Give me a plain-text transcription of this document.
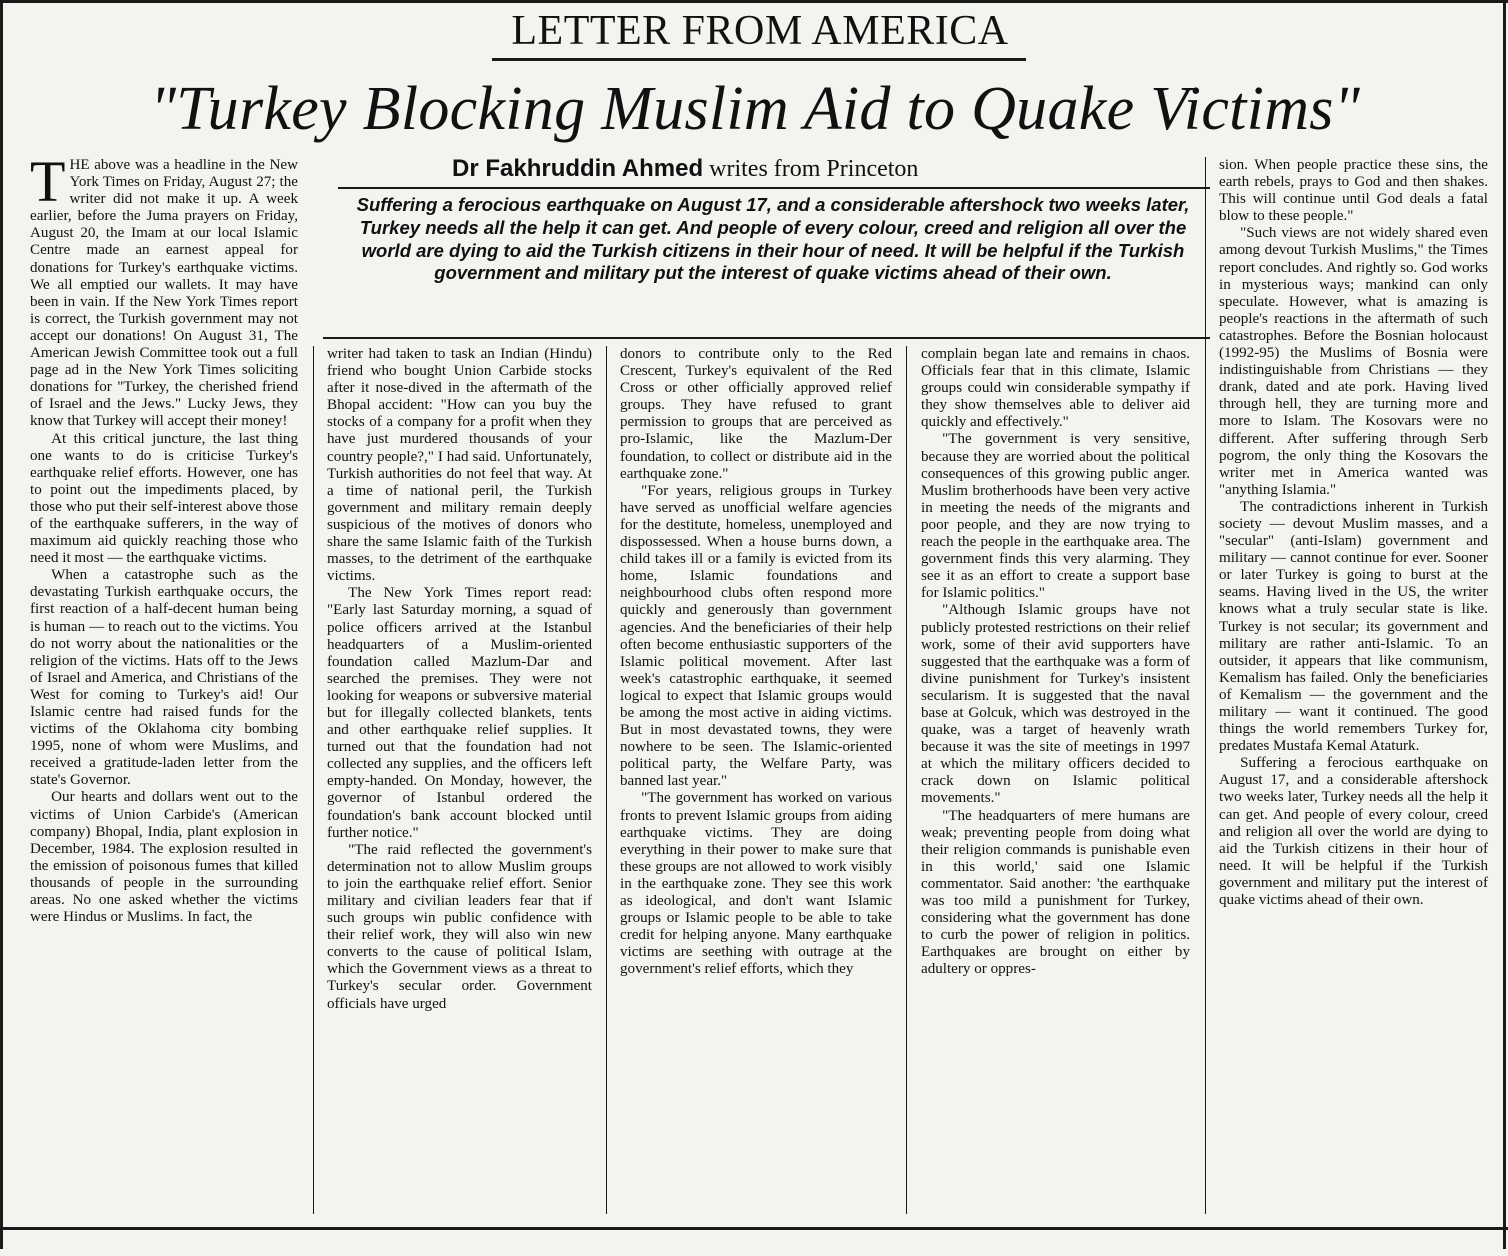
LETTER FROM AMERICA
"Turkey Blocking Muslim Aid to Quake Victims"
Dr Fakhruddin Ahmed writes from Princeton
Suffering a ferocious earthquake on August 17, and a considerable aftershock two weeks later, Turkey needs all the help it can get. And people of every colour, creed and religion all over the world are dying to aid the Turkish citizens in their hour of need. It will be helpful if the Turkish government and military put the interest of quake victims ahead of their own.

THE above was a headline in the New York Times on Friday, August 27; the writer did not make it up. A week earlier, before the Juma prayers on Friday, August 20, the Imam at our local Islamic Centre made an earnest appeal for donations for Turkey's earthquake victims. We all emptied our wallets. It may have been in vain. If the New York Times report is correct, the Turkish government may not accept our donations! On August 31, The American Jewish Committee took out a full page ad in the New York Times soliciting donations for "Turkey, the cherished friend of Israel and the Jews." Lucky Jews, they know that Turkey will accept their money!

At this critical juncture, the last thing one wants to do is criticise Turkey's earthquake relief efforts. However, one has to point out the impediments placed, by those who put their self-interest above those of the earthquake sufferers, in the way of maximum aid quickly reaching those who need it most — the earthquake victims.

When a catastrophe such as the devastating Turkish earthquake occurs, the first reaction of a half-decent human being is human — to reach out to the victims. You do not worry about the nationalities or the religion of the victims. Hats off to the Jews of Israel and America, and Christians of the West for coming to Turkey's aid! Our Islamic centre had raised funds for the victims of the Oklahoma city bombing 1995, none of whom were Muslims, and received a gratitude-laden letter from the state's Governor.

Our hearts and dollars went out to the victims of Union Carbide's (American company) Bhopal, India, plant explosion in December, 1984. The explosion resulted in the emission of poisonous fumes that killed thousands of people in the surrounding areas. No one asked whether the victims were Hindus or Muslims. In fact, the

writer had taken to task an Indian (Hindu) friend who bought Union Carbide stocks after it nose-dived in the aftermath of the Bhopal accident: "How can you buy the stocks of a company for a profit when they have just murdered thousands of your country people?," I had said. Unfortunately, Turkish authorities do not feel that way. At a time of national peril, the Turkish government and military remain deeply suspicious of the motives of donors who share the same Islamic faith of the Turkish masses, to the detriment of the earthquake victims.

The New York Times report read: "Early last Saturday morning, a squad of police officers arrived at the Istanbul headquarters of a Muslim-oriented foundation called Mazlum-Dar and searched the premises. They were not looking for weapons or subversive material but for illegally collected blankets, tents and other earthquake relief supplies. It turned out that the foundation had not collected any supplies, and the officers left empty-handed. On Monday, however, the governor of Istanbul ordered the foundation's bank account blocked until further notice."

"The raid reflected the government's determination not to allow Muslim groups to join the earthquake relief effort. Senior military and civilian leaders fear that if such groups win public confidence with their relief work, they will also win new converts to the cause of political Islam, which the Government views as a threat to Turkey's secular order. Government officials have urged

donors to contribute only to the Red Crescent, Turkey's equivalent of the Red Cross or other officially approved relief groups. They have refused to grant permission to groups that are perceived as pro-Islamic, like the Mazlum-Der foundation, to collect or distribute aid in the earthquake zone."

"For years, religious groups in Turkey have served as unofficial welfare agencies for the destitute, homeless, unemployed and dispossessed. When a house burns down, a child takes ill or a family is evicted from its home, Islamic foundations and neighbourhood clubs often respond more quickly and generously than government agencies. And the beneficiaries of their help often become enthusiastic supporters of the Islamic political movement. After last week's catastrophic earthquake, it seemed logical to expect that Islamic groups would be among the most active in aiding victims. But in most devastated towns, they were nowhere to be seen. The Islamic-oriented political party, the Welfare Party, was banned last year."

"The government has worked on various fronts to prevent Islamic groups from aiding earthquake victims. They are doing everything in their power to make sure that these groups are not allowed to work visibly in the earthquake zone. They see this work as ideological, and don't want Islamic groups or Islamic people to be able to take credit for helping anyone. Many earthquake victims are seething with outrage at the government's relief efforts, which they

complain began late and remains in chaos. Officials fear that in this climate, Islamic groups could win considerable sympathy if they show themselves able to deliver aid quickly and effectively."

"The government is very sensitive, because they are worried about the political consequences of this growing public anger. Muslim brotherhoods have been very active in meeting the needs of the migrants and poor people, and they are now trying to reach the people in the earthquake area. The government finds this very alarming. They see it as an effort to create a support base for Islamic politics."

"Although Islamic groups have not publicly protested restrictions on their relief work, some of their avid supporters have suggested that the earthquake was a form of divine punishment for Turkey's insistent secularism. It is suggested that the naval base at Golcuk, which was destroyed in the quake, was a target of heavenly wrath because it was the site of meetings in 1997 at which the military officers decided to crack down on Islamic political movements."

"The headquarters of mere humans are weak; preventing people from doing what their religion commands is punishable even in this world,' said one Islamic commentator. Said another: 'the earthquake was too mild a punishment for Turkey, considering what the government has done to curb the power of religion in politics. Earthquakes are brought on either by adultery or oppres-

sion. When people practice these sins, the earth rebels, prays to God and then shakes. This will continue until God deals a fatal blow to these people."

"Such views are not widely shared even among devout Turkish Muslims," the Times report concludes. And rightly so. God works in mysterious ways; mankind can only speculate. However, what is amazing is people's reactions in the aftermath of such catastrophes. Before the Bosnian holocaust (1992-95) the Muslims of Bosnia were indistinguishable from Christians — they drank, dated and ate pork. Having lived through hell, they are turning more and more to Islam. The Kosovars were no different. After suffering through Serb pogrom, the only thing the Kosovars the writer met in America wanted was "anything Islamia."

The contradictions inherent in Turkish society — devout Muslim masses, and a "secular" (anti-Islam) government and military — cannot continue for ever. Sooner or later Turkey is going to burst at the seams. Having lived in the US, the writer knows what a truly secular state is like. Turkey is not secular; its government and military are rather anti-Islamic. To an outsider, it appears that like communism, Kemalism has failed. Only the beneficiaries of Kemalism — the government and the military — want it continued. The good things the world remembers Turkey for, predates Mustafa Kemal Ataturk.

Suffering a ferocious earthquake on August 17, and a considerable aftershock two weeks later, Turkey needs all the help it can get. And people of every colour, creed and religion all over the world are dying to aid the Turkish citizens in their hour of need. It will be helpful if the Turkish government and military put the interest of quake victims ahead of their own.
